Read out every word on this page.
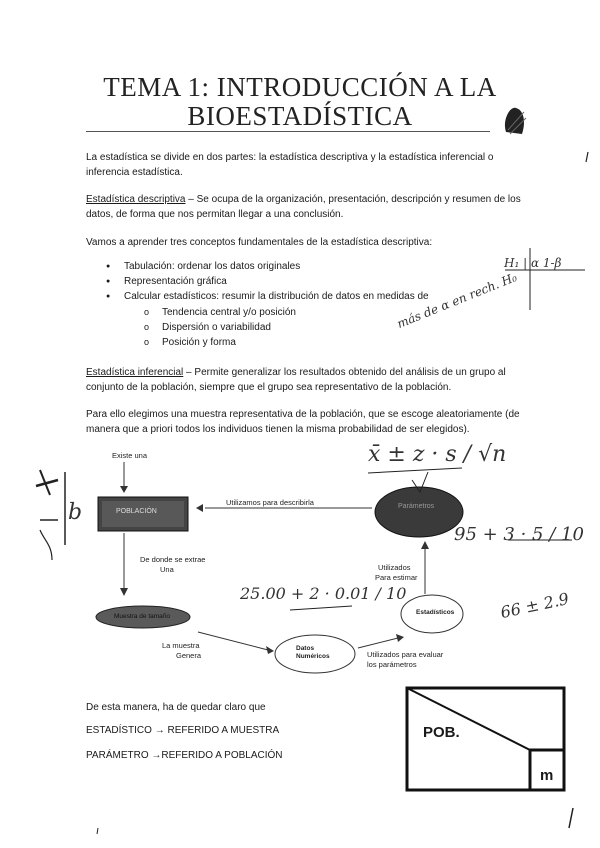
TEMA 1: INTRODUCCIÓN A LA
BIOESTADÍSTICA
La estadística se divide en dos partes: la estadística descriptiva y la estadística inferencial o inferencia estadística.
Estadística descriptiva – Se ocupa de la organización, presentación, descripción y resumen de los datos, de forma que nos permitan llegar a una conclusión.
Vamos a aprender tres conceptos fundamentales de la estadística descriptiva:
● Tabulación: ordenar los datos originales
● Representación gráfica
● Calcular estadísticos: resumir la distribución de datos en medidas de
o Tendencia central y/o posición
o Dispersión o variabilidad
o Posición y forma
Estadística inferencial – Permite generalizar los resultados obtenido del análisis de un grupo al conjunto de la población, siempre que el grupo sea representativo de la población.
Para ello elegimos una muestra representativa de la población, que se escoge aleatoriamente (de manera que a priori todos los individuos tienen la misma probabilidad de ser elegidos).
Existe una
POBLACIÓN
Utilizamos para describirla	Parámetros
De donde se extrae
Una
Muestra de tamaño
La muestra
Genera
Datos
Numéricos	Utilizados para evaluar
los parámetros
Estadísticos
Utilizados
Para estimar
x̄ ± z · s / √n
95 + 3 · 5 / 10
25.00 + 2 · 0.01 / 10	66 ± 2.9
b
más de α en rech. H₀
H₁ | α 1-β
De esta manera, ha de quedar claro que
ESTADÍSTICO → REFERIDO A MUESTRA
PARÁMETRO →REFERIDO A POBLACIÓN
POB.
m
